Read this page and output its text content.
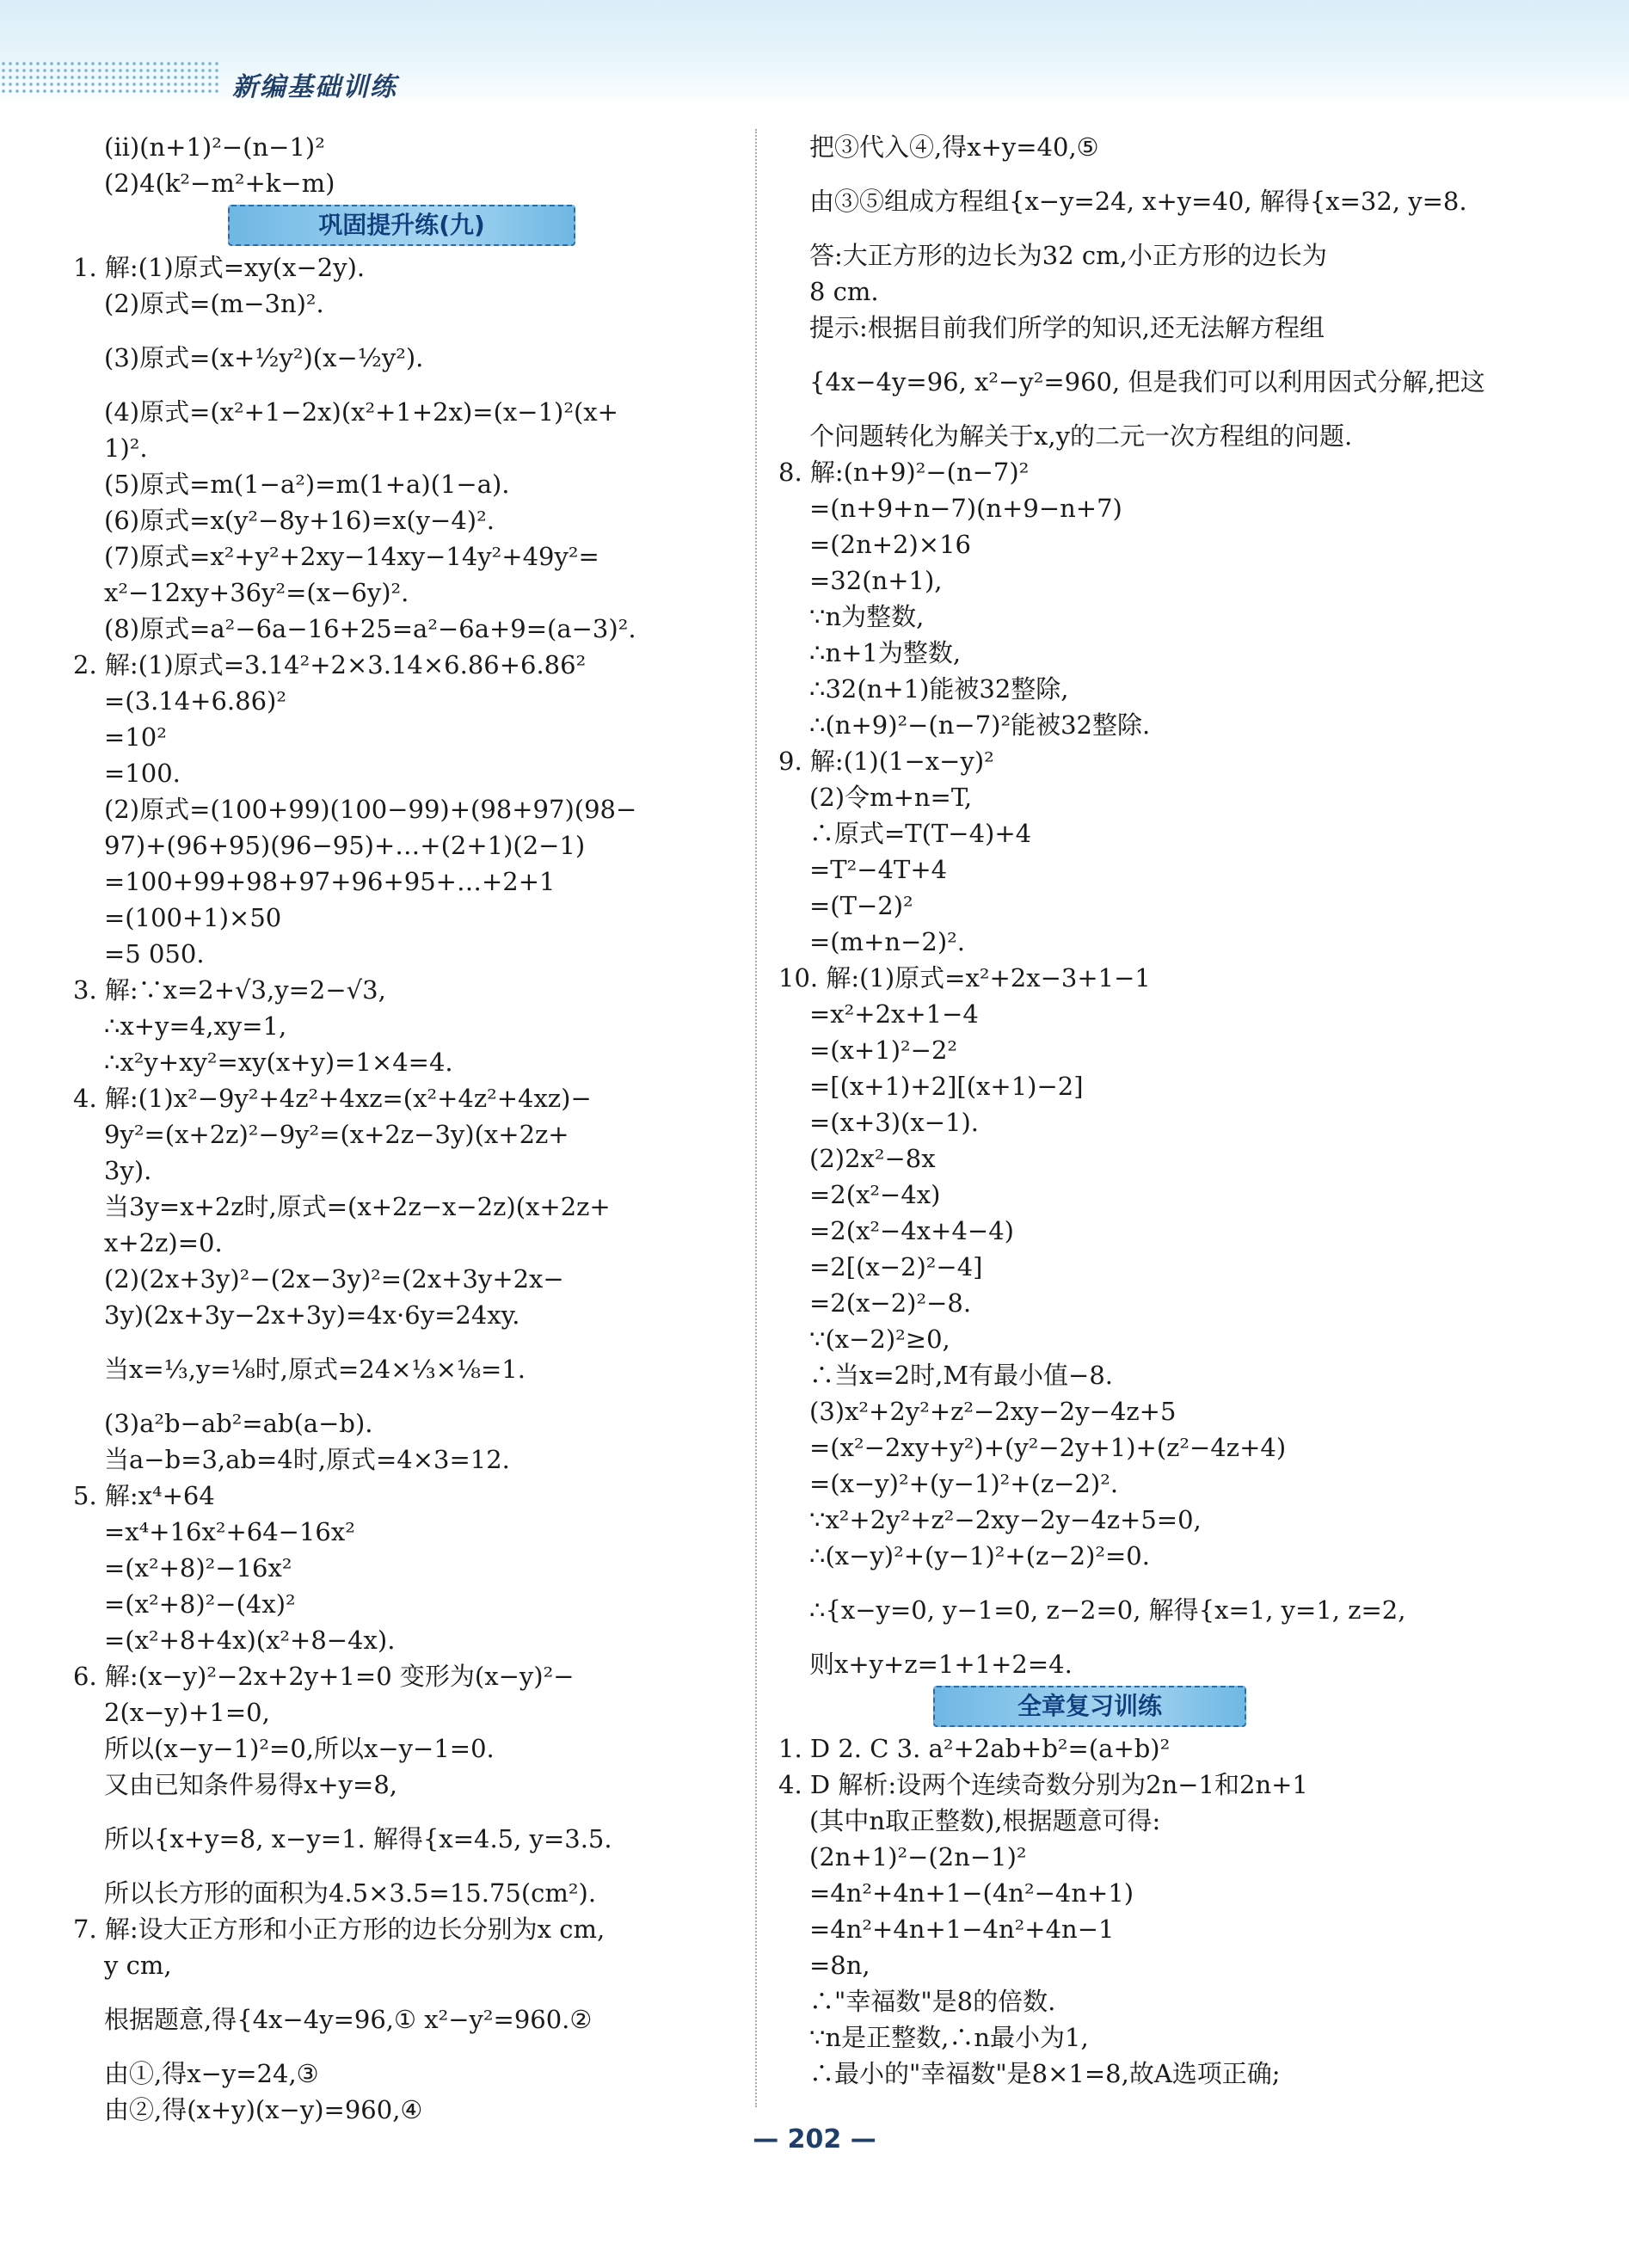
新编基础训练
(ii)(n+1)²−(n−1)²
(2)4(k²−m²+k−m)
巩固提升练(九)
1. 解:(1)原式=xy(x−2y).
(2)原式=(m−3n)².
(3)原式=(x+½y²)(x−½y²).
(4)原式=(x²+1−2x)(x²+1+2x)=(x−1)²(x+
1)².
(5)原式=m(1−a²)=m(1+a)(1−a).
(6)原式=x(y²−8y+16)=x(y−4)².
(7)原式=x²+y²+2xy−14xy−14y²+49y²=
x²−12xy+36y²=(x−6y)².
(8)原式=a²−6a−16+25=a²−6a+9=(a−3)².
2. 解:(1)原式=3.14²+2×3.14×6.86+6.86²
=(3.14+6.86)²
=10²
=100.
(2)原式=(100+99)(100−99)+(98+97)(98−
97)+(96+95)(96−95)+…+(2+1)(2−1)
=100+99+98+97+96+95+…+2+1
=(100+1)×50
=5 050.
3. 解:∵x=2+√3,y=2−√3,
∴x+y=4,xy=1,
∴x²y+xy²=xy(x+y)=1×4=4.
4. 解:(1)x²−9y²+4z²+4xz=(x²+4z²+4xz)−
9y²=(x+2z)²−9y²=(x+2z−3y)(x+2z+
3y).
当3y=x+2z时,原式=(x+2z−x−2z)(x+2z+
x+2z)=0.
(2)(2x+3y)²−(2x−3y)²=(2x+3y+2x−
3y)(2x+3y−2x+3y)=4x·6y=24xy.
当x=⅓,y=⅛时,原式=24×⅓×⅛=1.
(3)a²b−ab²=ab(a−b).
当a−b=3,ab=4时,原式=4×3=12.
5. 解:x⁴+64
=x⁴+16x²+64−16x²
=(x²+8)²−16x²
=(x²+8)²−(4x)²
=(x²+8+4x)(x²+8−4x).
6. 解:(x−y)²−2x+2y+1=0 变形为(x−y)²−
2(x−y)+1=0,
所以(x−y−1)²=0,所以x−y−1=0.
又由已知条件易得x+y=8,
所以{x+y=8, x−y=1. 解得{x=4.5, y=3.5.
所以长方形的面积为4.5×3.5=15.75(cm²).
7. 解:设大正方形和小正方形的边长分别为x cm,
y cm,
根据题意,得{4x−4y=96,① x²−y²=960.②
由①,得x−y=24,③
由②,得(x+y)(x−y)=960,④
把③代入④,得x+y=40,⑤
由③⑤组成方程组{x−y=24, x+y=40, 解得{x=32, y=8.
答:大正方形的边长为32 cm,小正方形的边长为
8 cm.
提示:根据目前我们所学的知识,还无法解方程组
{4x−4y=96, x²−y²=960, 但是我们可以利用因式分解,把这
个问题转化为解关于x,y的二元一次方程组的问题.
8. 解:(n+9)²−(n−7)²
=(n+9+n−7)(n+9−n+7)
=(2n+2)×16
=32(n+1),
∵n为整数,
∴n+1为整数,
∴32(n+1)能被32整除,
∴(n+9)²−(n−7)²能被32整除.
9. 解:(1)(1−x−y)²
(2)令m+n=T,
∴原式=T(T−4)+4
=T²−4T+4
=(T−2)²
=(m+n−2)².
10. 解:(1)原式=x²+2x−3+1−1
=x²+2x+1−4
=(x+1)²−2²
=[(x+1)+2][(x+1)−2]
=(x+3)(x−1).
(2)2x²−8x
=2(x²−4x)
=2(x²−4x+4−4)
=2[(x−2)²−4]
=2(x−2)²−8.
∵(x−2)²≥0,
∴当x=2时,M有最小值−8.
(3)x²+2y²+z²−2xy−2y−4z+5
=(x²−2xy+y²)+(y²−2y+1)+(z²−4z+4)
=(x−y)²+(y−1)²+(z−2)².
∵x²+2y²+z²−2xy−2y−4z+5=0,
∴(x−y)²+(y−1)²+(z−2)²=0.
∴{x−y=0, y−1=0, z−2=0, 解得{x=1, y=1, z=2,
则x+y+z=1+1+2=4.
全章复习训练
1. D 2. C 3. a²+2ab+b²=(a+b)²
4. D 解析:设两个连续奇数分别为2n−1和2n+1
(其中n取正整数),根据题意可得:
(2n+1)²−(2n−1)²
=4n²+4n+1−(4n²−4n+1)
=4n²+4n+1−4n²+4n−1
=8n,
∴"幸福数"是8的倍数.
∵n是正整数,∴n最小为1,
∴最小的"幸福数"是8×1=8,故A选项正确;
— 202 —
